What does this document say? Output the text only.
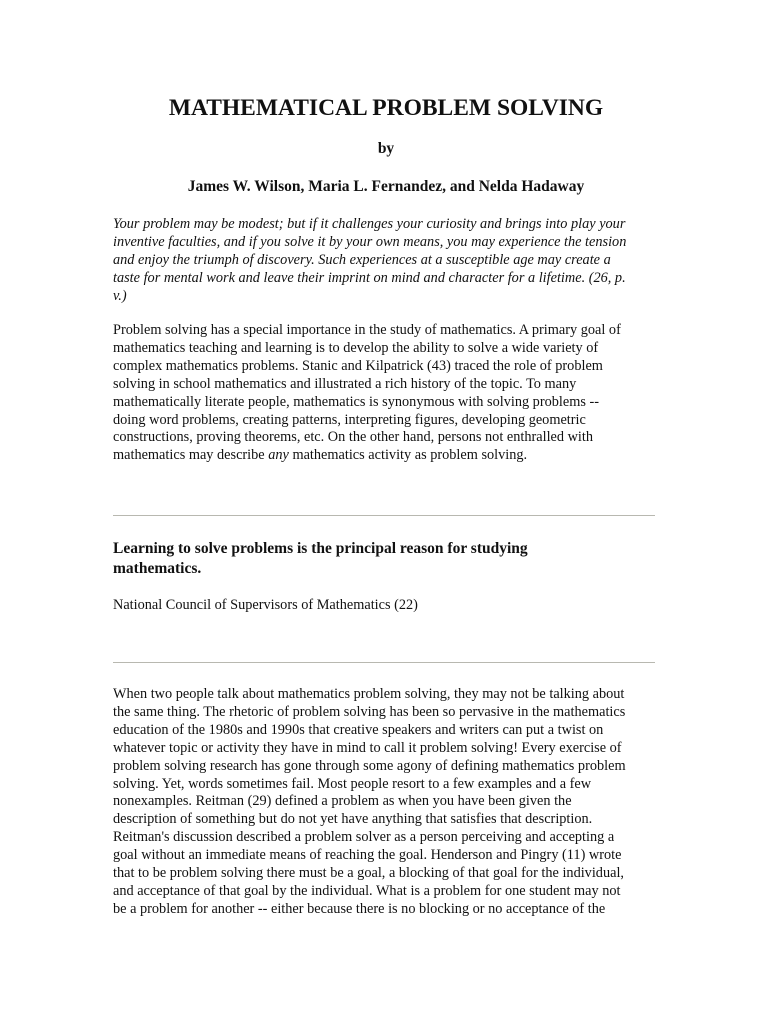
MATHEMATICAL PROBLEM SOLVING

by

James W. Wilson, Maria L. Fernandez, and Nelda Hadaway

Your problem may be modest; but if it challenges your curiosity and brings into play your
inventive faculties, and if you solve it by your own means, you may experience the tension
and enjoy the triumph of discovery. Such experiences at a susceptible age may create a
taste for mental work and leave their imprint on mind and character for a lifetime. (26, p.
v.)

Problem solving has a special importance in the study of mathematics. A primary goal of
mathematics teaching and learning is to develop the ability to solve a wide variety of
complex mathematics problems. Stanic and Kilpatrick (43) traced the role of problem
solving in school mathematics and illustrated a rich history of the topic. To many
mathematically literate people, mathematics is synonymous with solving problems --
doing word problems, creating patterns, interpreting figures, developing geometric
constructions, proving theorems, etc. On the other hand, persons not enthralled with
mathematics may describe any mathematics activity as problem solving.

Learning to solve problems is the principal reason for studying
mathematics.

National Council of Supervisors of Mathematics (22)

When two people talk about mathematics problem solving, they may not be talking about
the same thing. The rhetoric of problem solving has been so pervasive in the mathematics
education of the 1980s and 1990s that creative speakers and writers can put a twist on
whatever topic or activity they have in mind to call it problem solving! Every exercise of
problem solving research has gone through some agony of defining mathematics problem
solving. Yet, words sometimes fail. Most people resort to a few examples and a few
nonexamples. Reitman (29) defined a problem as when you have been given the
description of something but do not yet have anything that satisfies that description.
Reitman's discussion described a problem solver as a person perceiving and accepting a
goal without an immediate means of reaching the goal. Henderson and Pingry (11) wrote
that to be problem solving there must be a goal, a blocking of that goal for the individual,
and acceptance of that goal by the individual. What is a problem for one student may not
be a problem for another -- either because there is no blocking or no acceptance of the
